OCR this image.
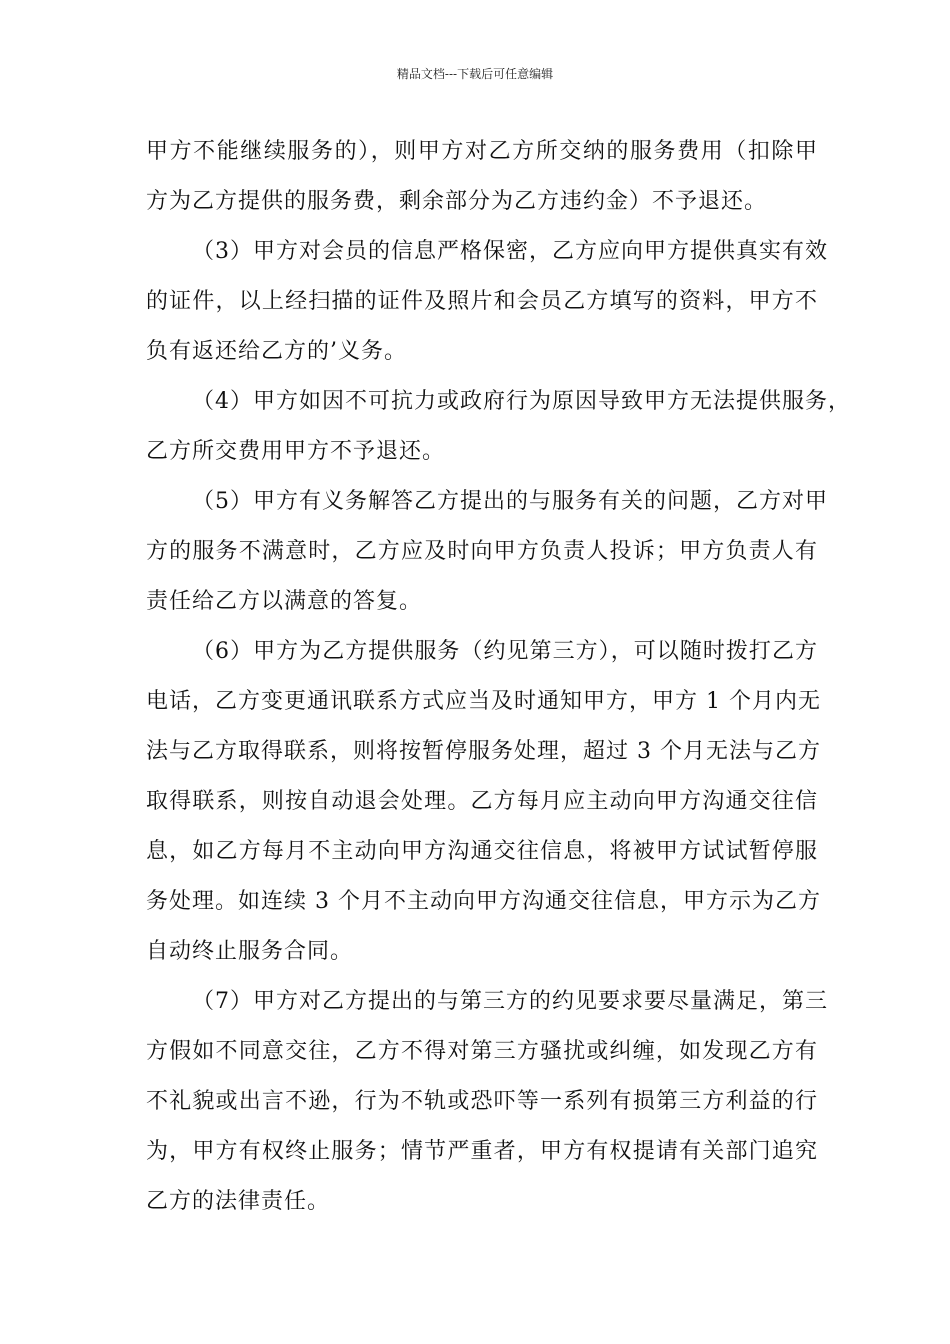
精品文档---下载后可任意编辑
甲方不能继续服务的），则甲方对乙方所交纳的服务费用（扣除甲
方为乙方提供的服务费，剩余部分为乙方违约金）不予退还。
（3）甲方对会员的信息严格保密，乙方应向甲方提供真实有效
的证件，以上经扫描的证件及照片和会员乙方填写的资料，甲方不
负有返还给乙方的’义务。
（4）甲方如因不可抗力或政府行为原因导致甲方无法提供服务，
乙方所交费用甲方不予退还。
（5）甲方有义务解答乙方提出的与服务有关的问题，乙方对甲
方的服务不满意时，乙方应及时向甲方负责人投诉；甲方负责人有
责任给乙方以满意的答复。
（6）甲方为乙方提供服务（约见第三方），可以随时拨打乙方
电话，乙方变更通讯联系方式应当及时通知甲方，甲方 1 个月内无
法与乙方取得联系，则将按暂停服务处理，超过 3 个月无法与乙方
取得联系，则按自动退会处理。乙方每月应主动向甲方沟通交往信
息，如乙方每月不主动向甲方沟通交往信息，将被甲方试试暂停服
务处理。如连续 3 个月不主动向甲方沟通交往信息，甲方示为乙方
自动终止服务合同。
（7）甲方对乙方提出的与第三方的约见要求要尽量满足，第三
方假如不同意交往，乙方不得对第三方骚扰或纠缠，如发现乙方有
不礼貌或出言不逊，行为不轨或恐吓等一系列有损第三方利益的行
为，甲方有权终止服务；情节严重者，甲方有权提请有关部门追究
乙方的法律责任。
